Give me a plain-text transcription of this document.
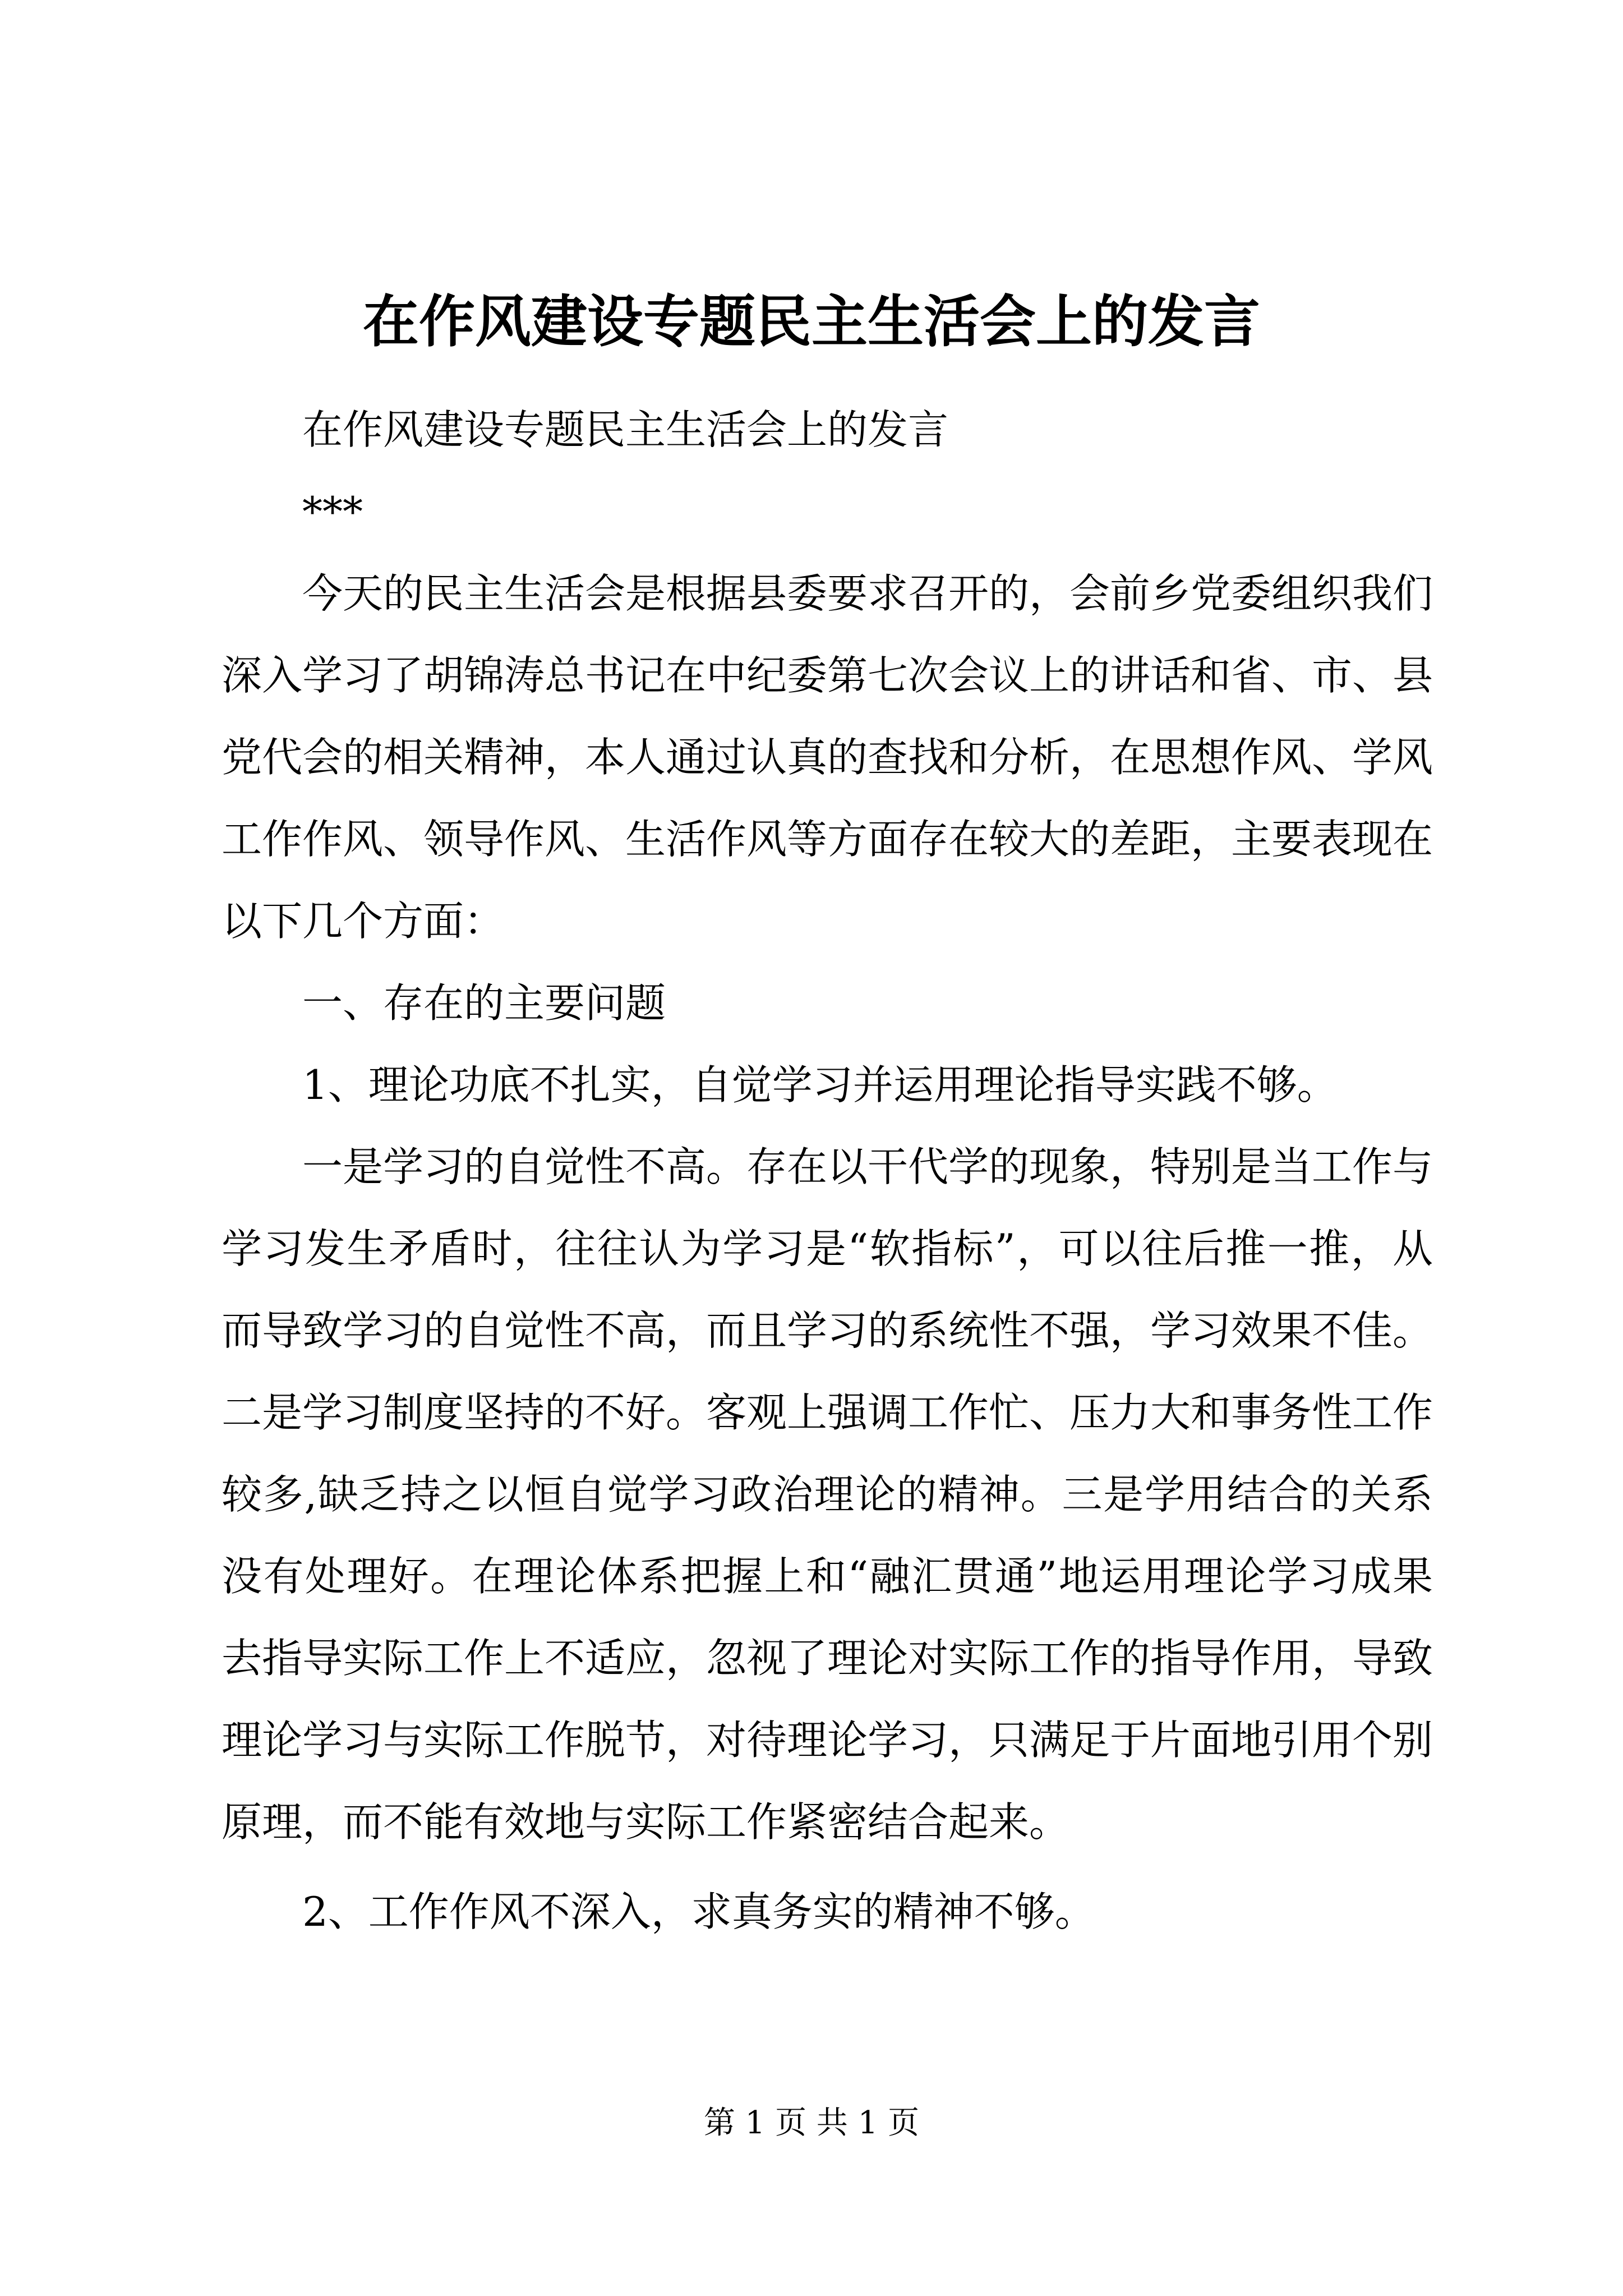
在作风建设专题民主生活会上的发言

在作风建设专题民主生活会上的发言

***

今天的民主生活会是根据县委要求召开的，会前乡党委组织我们深入学习了胡锦涛总书记在中纪委第七次会议上的讲话和省、市、县党代会的相关精神，本人通过认真的查找和分析，在思想作风、学风工作作风、领导作风、生活作风等方面存在较大的差距，主要表现在以下几个方面：

一、存在的主要问题

1、理论功底不扎实，自觉学习并运用理论指导实践不够。

一是学习的自觉性不高。存在以干代学的现象，特别是当工作与学习发生矛盾时，往往认为学习是“软指标”，可以往后推一推，从而导致学习的自觉性不高，而且学习的系统性不强，学习效果不佳。二是学习制度坚持的不好。客观上强调工作忙、压力大和事务性工作较多,缺乏持之以恒自觉学习政治理论的精神。三是学用结合的关系没有处理好。在理论体系把握上和“融汇贯通”地运用理论学习成果去指导实际工作上不适应，忽视了理论对实际工作的指导作用，导致理论学习与实际工作脱节，对待理论学习，只满足于片面地引用个别原理，而不能有效地与实际工作紧密结合起来。

2、工作作风不深入，求真务实的精神不够。

第 1 页 共 1 页
